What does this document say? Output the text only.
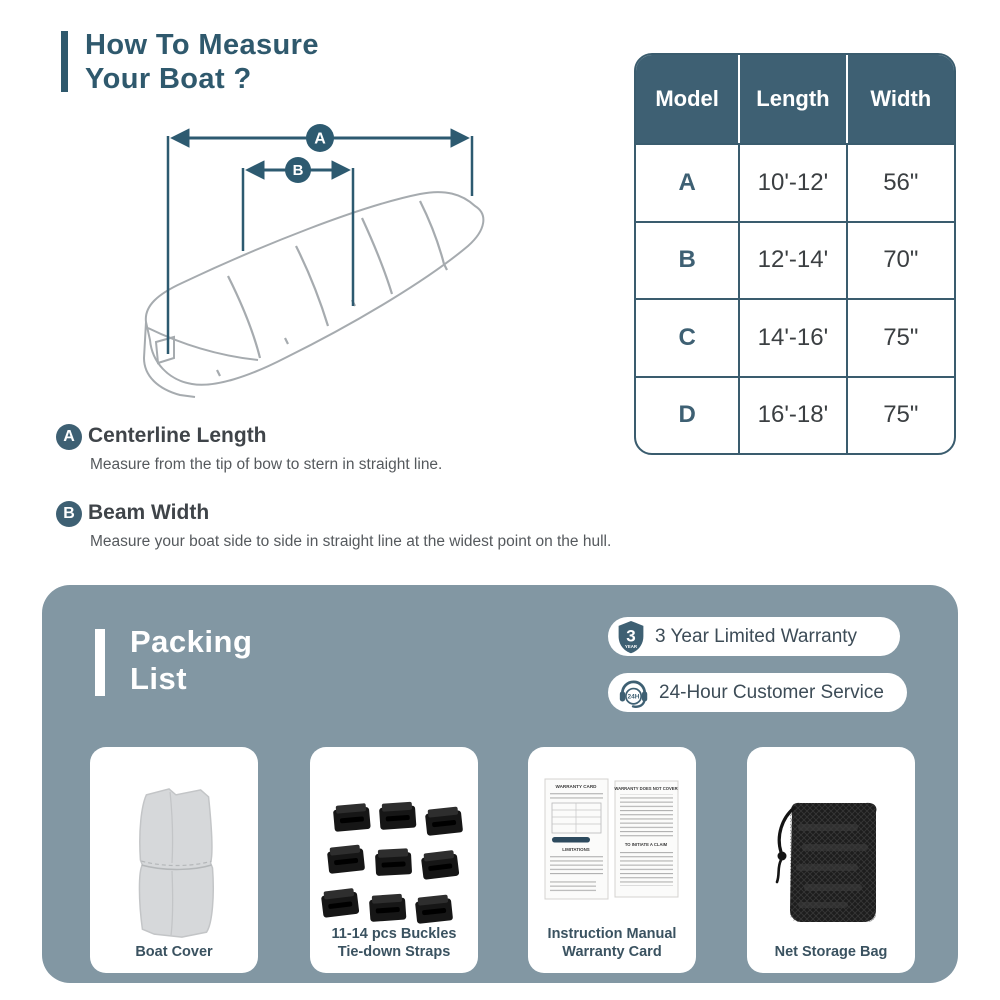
How To Measure
Your Boat ?
A
B
Model	Length	Width
A	10'-12'	56"
B	12'-14'	70"
C	14'-16'	75"
D	16'-18'	75"
A Centerline Length
Measure from the tip of bow to stern in straight line.
B Beam Width
Measure your boat side to side in straight line at the widest point on the hull.
Packing
List
3
YEAR 3 Year Limited Warranty
24H 24-Hour Customer Service
Boat Cover
11-14 pcs Buckles
Tie-down Straps
WARRANTY CARD
LIMITATIONS
WARRANTY DOES NOT COVER
TO INITIATE A CLAIM
Instruction Manual
Warranty Card	Net Storage Bag
